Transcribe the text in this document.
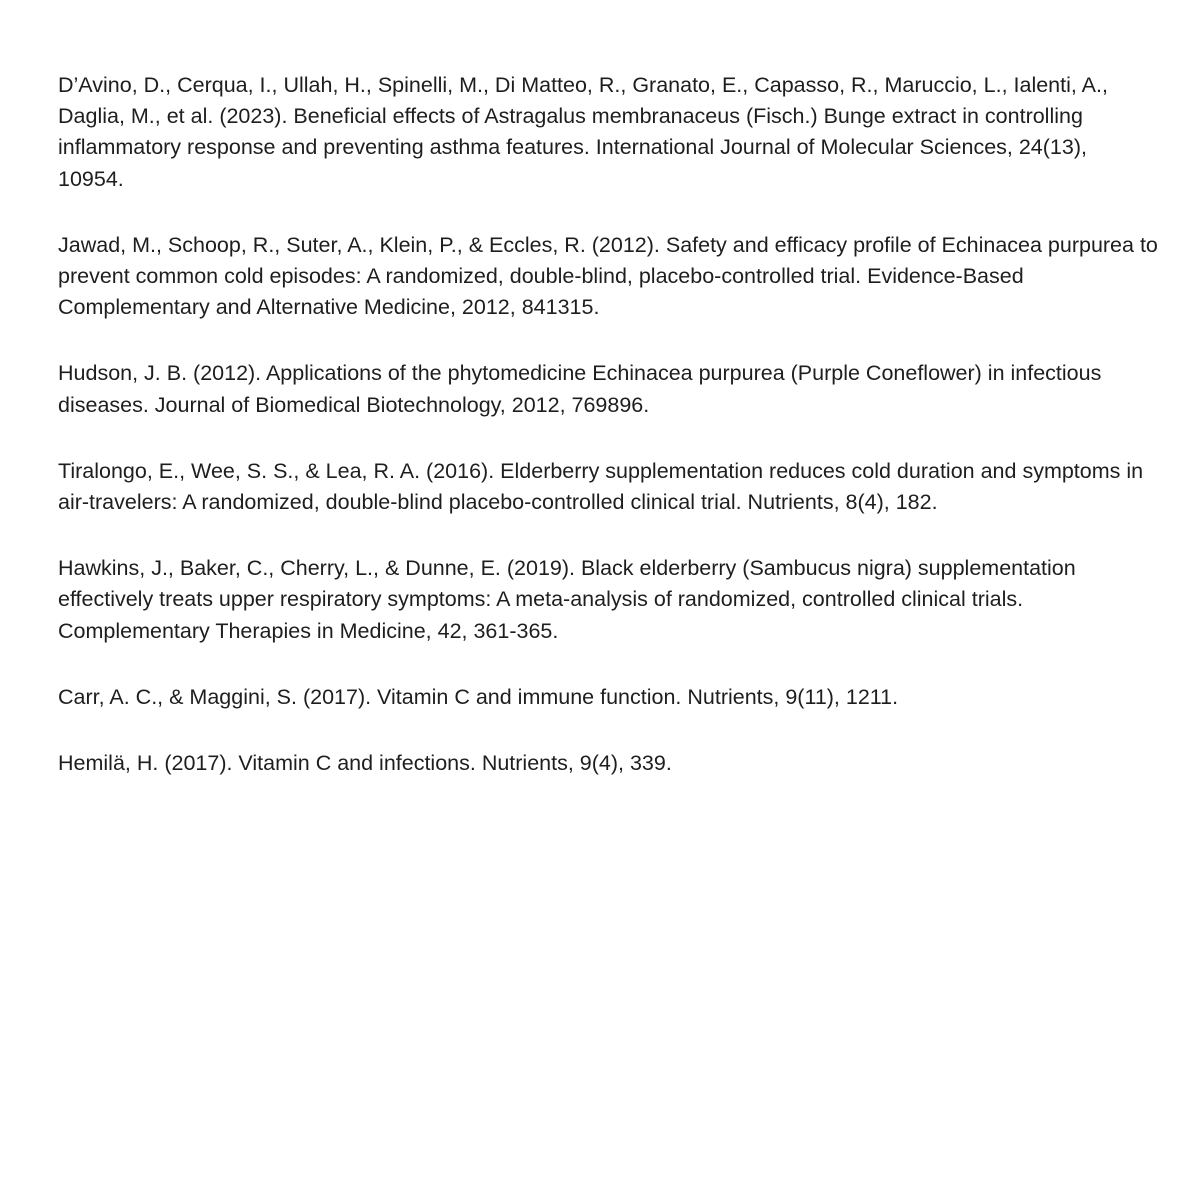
D’Avino, D., Cerqua, I., Ullah, H., Spinelli, M., Di Matteo, R., Granato, E., Capasso, R., Maruccio, L., Ialenti, A., Daglia, M., et al. (2023). Beneficial effects of Astragalus membranaceus (Fisch.) Bunge extract in controlling inflammatory response and preventing asthma features. International Journal of Molecular Sciences, 24(13), 10954.

Jawad, M., Schoop, R., Suter, A., Klein, P., & Eccles, R. (2012). Safety and efficacy profile of Echinacea purpurea to prevent common cold episodes: A randomized, double-blind, placebo-controlled trial. Evidence-Based Complementary and Alternative Medicine, 2012, 841315.

Hudson, J. B. (2012). Applications of the phytomedicine Echinacea purpurea (Purple Coneflower) in infectious diseases. Journal of Biomedical Biotechnology, 2012, 769896.

Tiralongo, E., Wee, S. S., & Lea, R. A. (2016). Elderberry supplementation reduces cold duration and symptoms in air-travelers: A randomized, double-blind placebo-controlled clinical trial. Nutrients, 8(4), 182.

Hawkins, J., Baker, C., Cherry, L., & Dunne, E. (2019). Black elderberry (Sambucus nigra) supplementation effectively treats upper respiratory symptoms: A meta-analysis of randomized, controlled clinical trials. Complementary Therapies in Medicine, 42, 361-365.

Carr, A. C., & Maggini, S. (2017). Vitamin C and immune function. Nutrients, 9(11), 1211.

Hemilä, H. (2017). Vitamin C and infections. Nutrients, 9(4), 339.
